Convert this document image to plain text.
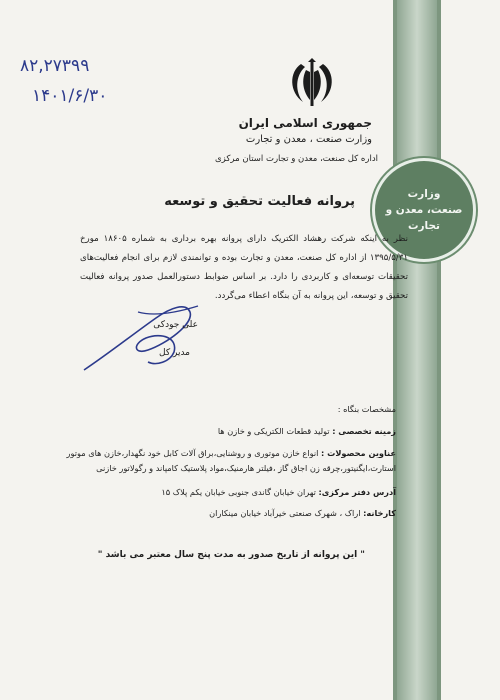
وزارت
صنعت، معدن و
تجارت
۸۲,۲۷۳۹۹
۱۴۰۱/۶/۳۰
جمهوری اسلامی ایران
وزارت صنعت ، معدن و تجارت
اداره کل صنعت، معدن و تجارت استان مرکزی
پروانه فعالیت تحقیق و توسعه
نظر به اینکه شرکت رهشاد الکتریک دارای پروانه بهره برداری به شماره ۱۸۶۰۵ مورخ ۱۳۹۵/۵/۳۱ از اداره کل صنعت، معدن و تجارت بوده و توانمندی لازم برای انجام فعالیت‌های تحقیقات توسعه‌ای و کاربردی را دارد. بر اساس ضوابط دستورالعمل صدور پروانه فعالیت تحقیق و توسعه، این پروانه به آن بنگاه اعطاء می‌گردد.
علی جودکی
مدیر کل
مشخصات بنگاه :
زمینه تخصصی : تولید قطعات الکتریکی و خازن ها
عناوین محصولات : انواع خازن موتوری و روشنایی،براق آلات کابل خود نگهدار،خازن های موتور استارت،ایگنیتور،چرقه زن اجاق گاز ،فیلتر هارمنیک،مواد پلاستیک کامپاند و رگولاتور خازنی
آدرس دفتر مرکزی: تهران خیابان گاندی جنوبی خیابان یکم پلاک ۱۵
کارخانه: اراک ، شهرک صنعتی خیرآباد خیابان مینکاران
" این پروانه از تاریخ صدور به مدت پنج سال معتبر می باشد "
